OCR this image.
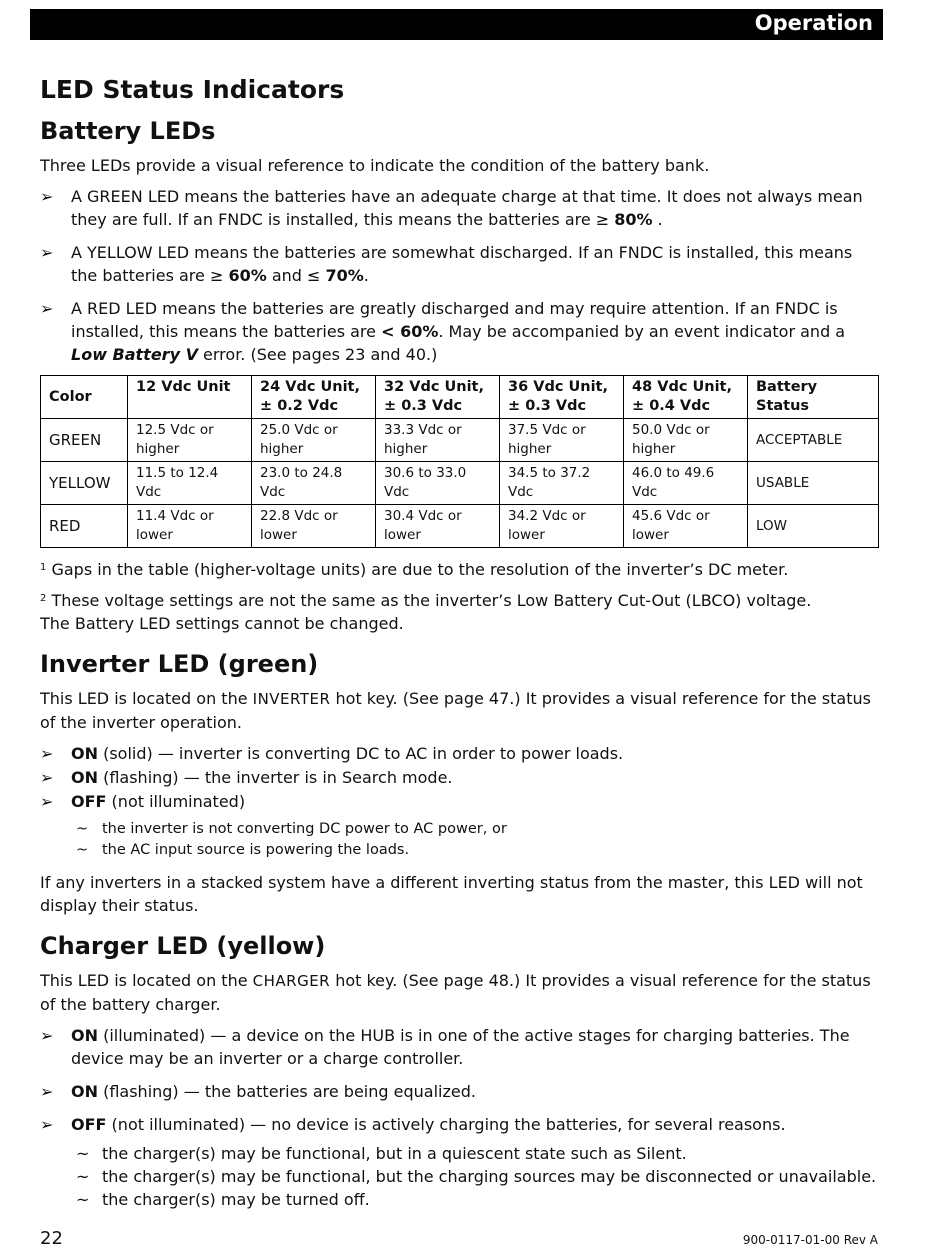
Operation
LED Status Indicators
Battery LEDs

Three LEDs provide a visual reference to indicate the condition of the battery bank.

➢ A GREEN LED means the batteries have an adequate charge at that time. It does not always mean they are full. If an FNDC is installed, this means the batteries are ≥ 80% .
➢ A YELLOW LED means the batteries are somewhat discharged. If an FNDC is installed, this means the batteries are ≥ 60% and ≤ 70%.
➢ A RED LED means the batteries are greatly discharged and may require attention. If an FNDC is installed, this means the batteries are < 60%. May be accompanied by an event indicator and a Low Battery V error. (See pages 23 and 40.)
Color	12 Vdc Unit	24 Vdc Unit, ± 0.2 Vdc	32 Vdc Unit, ± 0.3 Vdc	36 Vdc Unit, ± 0.3 Vdc	48 Vdc Unit, ± 0.4 Vdc	Battery Status
GREEN	12.5 Vdc or higher	25.0 Vdc or higher	33.3 Vdc or higher	37.5 Vdc or higher	50.0 Vdc or higher	ACCEPTABLE
YELLOW	11.5 to 12.4 Vdc	23.0 to 24.8 Vdc	30.6 to 33.0 Vdc	34.5 to 37.2 Vdc	46.0 to 49.6 Vdc	USABLE
RED	11.4 Vdc or lower	22.8 Vdc or lower	30.4 Vdc or lower	34.2 Vdc or lower	45.6 Vdc or lower	LOW

$^1$ Gaps in the table (higher-voltage units) are due to the resolution of the inverter’s DC meter.

$^2$ These voltage settings are not the same as the inverter’s Low Battery Cut-Out (LBCO) voltage.
The Battery LED settings cannot be changed.

Inverter LED (green)

This LED is located on the INVERTER hot key. (See page 47.) It provides a visual reference for the status of the inverter operation.

➢ ON (solid) — inverter is converting DC to AC in order to power loads.
➢ ON (flashing) — the inverter is in Search mode.
➢ OFF (not illuminated)
~ the inverter is not converting DC power to AC power, or
~ the AC input source is powering the loads.

If any inverters in a stacked system have a different inverting status from the master, this LED will not display their status.

Charger LED (yellow)

This LED is located on the CHARGER hot key. (See page 48.) It provides a visual reference for the status of the battery charger.

➢ ON (illuminated) — a device on the HUB is in one of the active stages for charging batteries. The device may be an inverter or a charge controller.
➢ ON (flashing) — the batteries are being equalized.
➢ OFF (not illuminated) — no device is actively charging the batteries, for several reasons.
~ the charger(s) may be functional, but in a quiescent state such as Silent.
~ the charger(s) may be functional, but the charging sources may be disconnected or unavailable.
~ the charger(s) may be turned off.
22	900-0117-01-00 Rev A
